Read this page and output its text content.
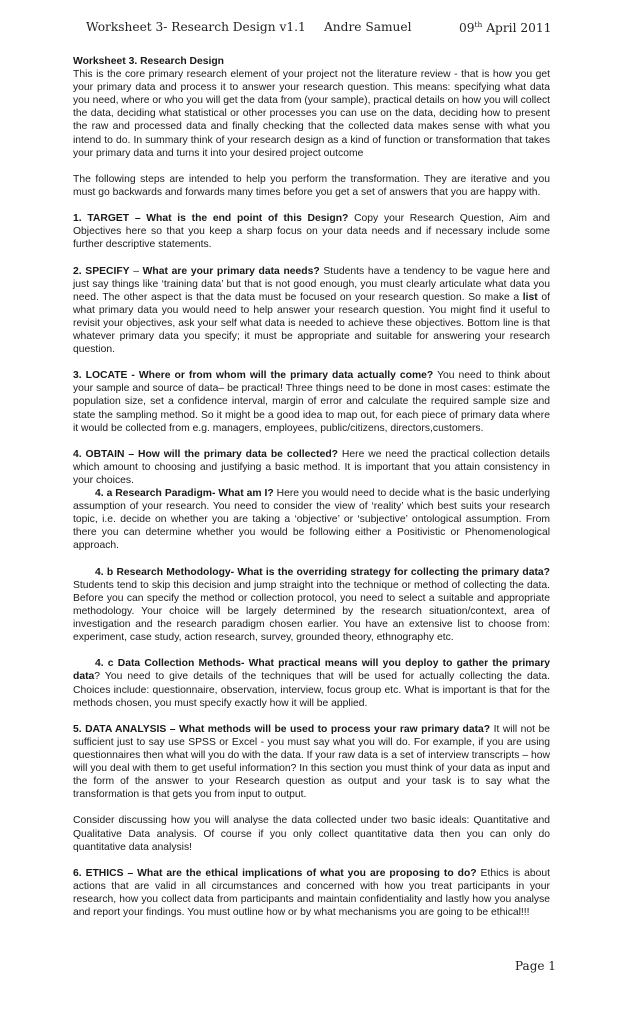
Worksheet 3- Research Design v1.1 Andre Samuel	09th April 2011

Worksheet 3. Research Design

This is the core primary research element of your project not the literature review - that is how you get your primary data and process it to answer your research question. This means: specifying what data you need, where or who you will get the data from (your sample), practical details on how you will collect the data, deciding what statistical or other processes you can use on the data, deciding how to present the raw and processed data and finally checking that the collected data makes sense with what you intend to do. In summary think of your research design as a kind of function or transformation that takes your primary data and turns it into your desired project outcome

The following steps are intended to help you perform the transformation. They are iterative and you must go backwards and forwards many times before you get a set of answers that you are happy with.

1. TARGET – What is the end point of this Design? Copy your Research Question, Aim and Objectives here so that you keep a sharp focus on your data needs and if necessary include some further descriptive statements.

2. SPECIFY – What are your primary data needs? Students have a tendency to be vague here and just say things like ‘training data’ but that is not good enough, you must clearly articulate what data you need. The other aspect is that the data must be focused on your research question. So make a list of what primary data you would need to help answer your research question. You might find it useful to revisit your objectives, ask your self what data is needed to achieve these objectives. Bottom line is that whatever primary data you specify; it must be appropriate and suitable for answering your research question.

3. LOCATE - Where or from whom will the primary data actually come? You need to think about your sample and source of data– be practical! Three things need to be done in most cases: estimate the population size, set a confidence interval, margin of error and calculate the required sample size and state the sampling method. So it might be a good idea to map out, for each piece of primary data where it would be collected from e.g. managers, employees, public/citizens, directors,customers.

4. OBTAIN – How will the primary data be collected? Here we need the practical collection details which amount to choosing and justifying a basic method. It is important that you attain consistency in your choices.

4. a Research Paradigm- What am I? Here you would need to decide what is the basic underlying assumption of your research. You need to consider the view of ‘reality’ which best suits your research topic, i.e. decide on whether you are taking a ‘objective’ or ‘subjective’ ontological assumption. From there you can determine whether you would be following either a Positivistic or Phenomenological approach.

4. b Research Methodology- What is the overriding strategy for collecting the primary data? Students tend to skip this decision and jump straight into the technique or method of collecting the data. Before you can specify the method or collection protocol, you need to select a suitable and appropriate methodology. Your choice will be largely determined by the research situation/context, area of investigation and the research paradigm chosen earlier. You have an extensive list to choose from: experiment, case study, action research, survey, grounded theory, ethnography etc.

4. c Data Collection Methods- What practical means will you deploy to gather the primary data? You need to give details of the techniques that will be used for actually collecting the data. Choices include: questionnaire, observation, interview, focus group etc. What is important is that for the methods chosen, you must specify exactly how it will be applied.

5. DATA ANALYSIS – What methods will be used to process your raw primary data? It will not be sufficient just to say use SPSS or Excel - you must say what you will do. For example, if you are using questionnaires then what will you do with the data. If your raw data is a set of interview transcripts – how will you deal with them to get useful information? In this section you must think of your data as input and the form of the answer to your Research question as output and your task is to say what the transformation is that gets you from input to output.

Consider discussing how you will analyse the data collected under two basic ideals: Quantitative and Qualitative Data analysis. Of course if you only collect quantitative data then you can only do quantitative data analysis!

6. ETHICS – What are the ethical implications of what you are proposing to do? Ethics is about actions that are valid in all circumstances and concerned with how you treat participants in your research, how you collect data from participants and maintain confidentiality and lastly how you analyse and report your findings. You must outline how or by what mechanisms you are going to be ethical!!!

Page 1
